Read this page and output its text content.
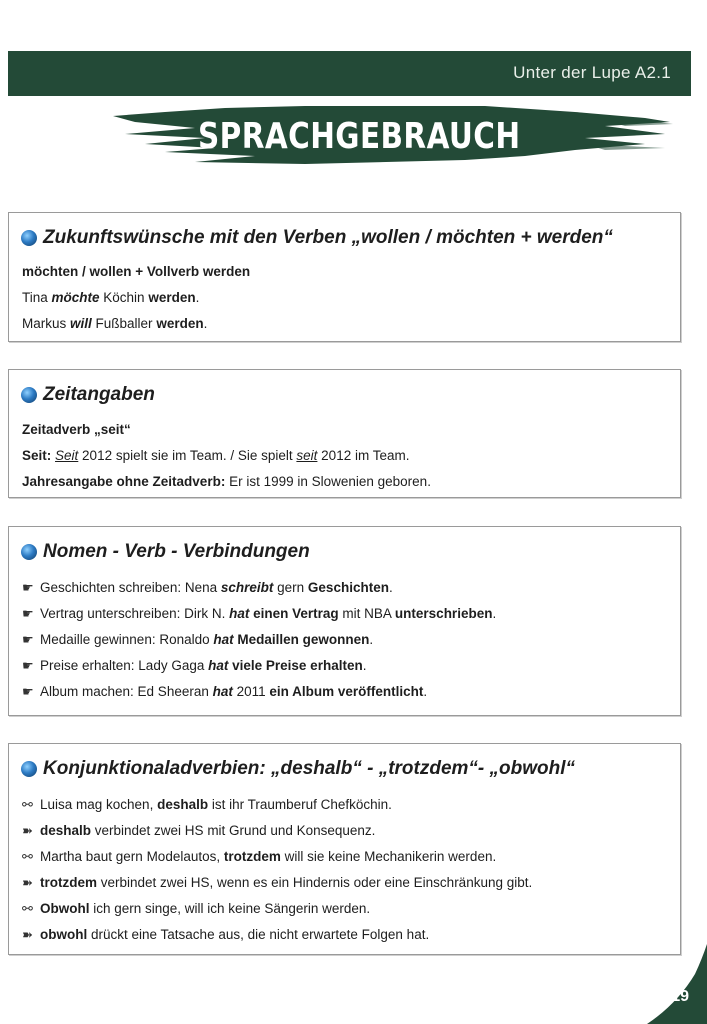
Unter der Lupe A2.1
SPRACHGEBRAUCH
Zukunftswünsche mit den Verben „wollen / möchten + werden“
möchten / wollen + Vollverb werden
Tina möchte Köchin werden.
Markus will Fußballer werden.
Zeitangaben
Zeitadverb „seit“
Seit: Seit 2012 spielt sie im Team. / Sie spielt seit 2012 im Team.
Jahresangabe ohne Zeitadverb: Er ist 1999 in Slowenien geboren.
Nomen - Verb - Verbindungen
☛ Geschichten schreiben: Nena schreibt gern Geschichten.
☛ Vertrag unterschreiben: Dirk N. hat einen Vertrag mit NBA unterschrieben.
☛ Medaille gewinnen: Ronaldo hat Medaillen gewonnen.
☛ Preise erhalten: Lady Gaga hat viele Preise erhalten.
☛ Album machen: Ed Sheeran hat 2011 ein Album veröffentlicht.
Konjunktionaladverbien: „deshalb“ - „trotzdem“- „obwohl“
⚯ Luisa mag kochen, deshalb ist ihr Traumberuf Chefköchin.
➽ deshalb verbindet zwei HS mit Grund und Konsequenz.
⚯ Martha baut gern Modelautos, trotzdem will sie keine Mechanikerin werden.
➽ trotzdem verbindet zwei HS, wenn es ein Hindernis oder eine Einschränkung gibt.
⚯ Obwohl ich gern singe, will ich keine Sängerin werden.
➽ obwohl drückt eine Tatsache aus, die nicht erwartete Folgen hat.
19
